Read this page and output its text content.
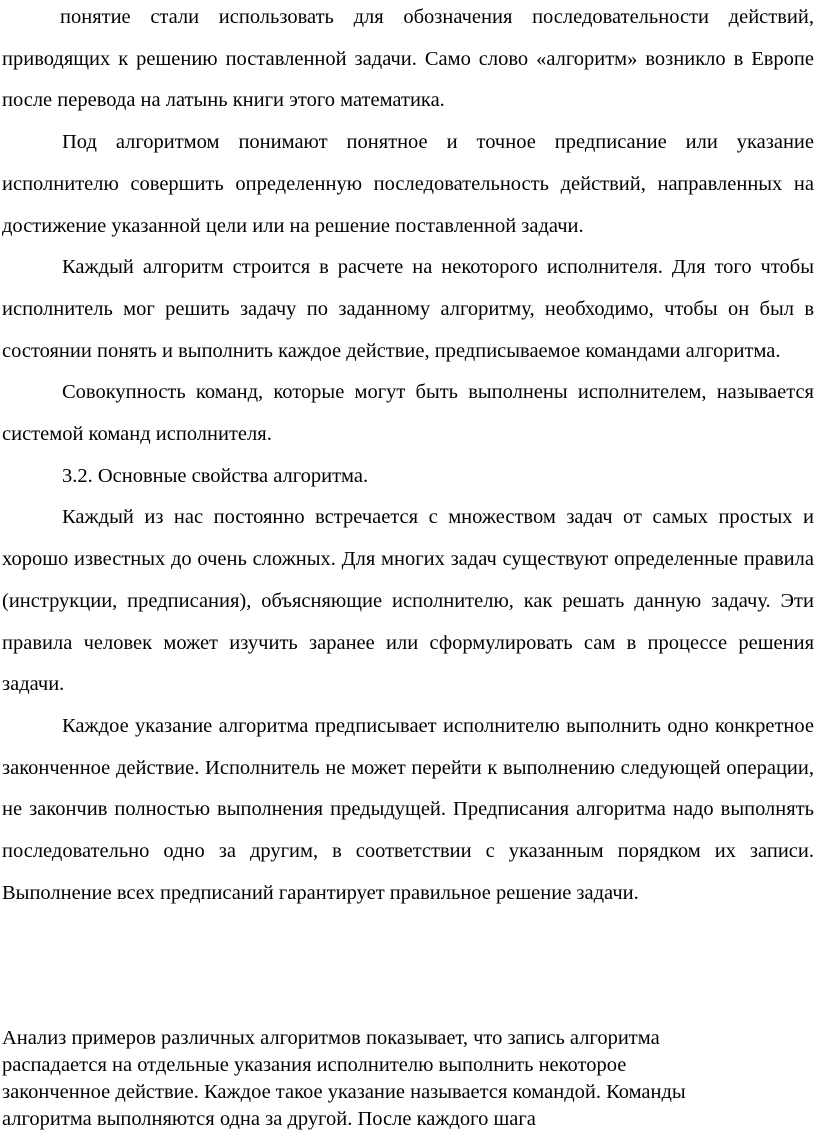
понятие стали использовать для обозначения последовательности действий, приводящих к решению поставленной задачи. Само слово «алгоритм» возникло в Европе после перевода на латынь книги этого математика.

Под алгоритмом понимают понятное и точное предписание или указание исполнителю совершить определенную последовательность действий, направленных на достижение указанной цели или на решение поставленной задачи.

Каждый алгоритм строится в расчете на некоторого исполнителя. Для того чтобы исполнитель мог решить задачу по заданному алгоритму, необходимо, чтобы он был в состоянии понять и выполнить каждое действие, предписываемое командами алгоритма.

Совокупность команд, которые могут быть выполнены исполнителем, называется системой команд исполнителя.

3.2. Основные свойства алгоритма.

Каждый из нас постоянно встречается с множеством задач от самых простых и хорошо известных до очень сложных. Для многих задач существуют определенные правила (инструкции, предписания), объясняющие исполнителю, как решать данную задачу. Эти правила человек может изучить заранее или сформулировать сам в процессе решения задачи.

Каждое указание алгоритма предписывает исполнителю выполнить одно конкретное законченное действие. Исполнитель не может перейти к выполнению следующей операции, не закончив полностью выполнения предыдущей. Предписания алгоритма надо выполнять последовательно одно за другим, в соответствии с указанным порядком их записи. Выполнение всех предписаний гарантирует правильное решение задачи.

Анализ примеров различных алгоритмов показывает, что запись алгоритма
распадается на отдельные указания исполнителю выполнить некоторое
законченное действие. Каждое такое указание называется командой. Команды
алгоритма выполняются одна за другой. После каждого шага
